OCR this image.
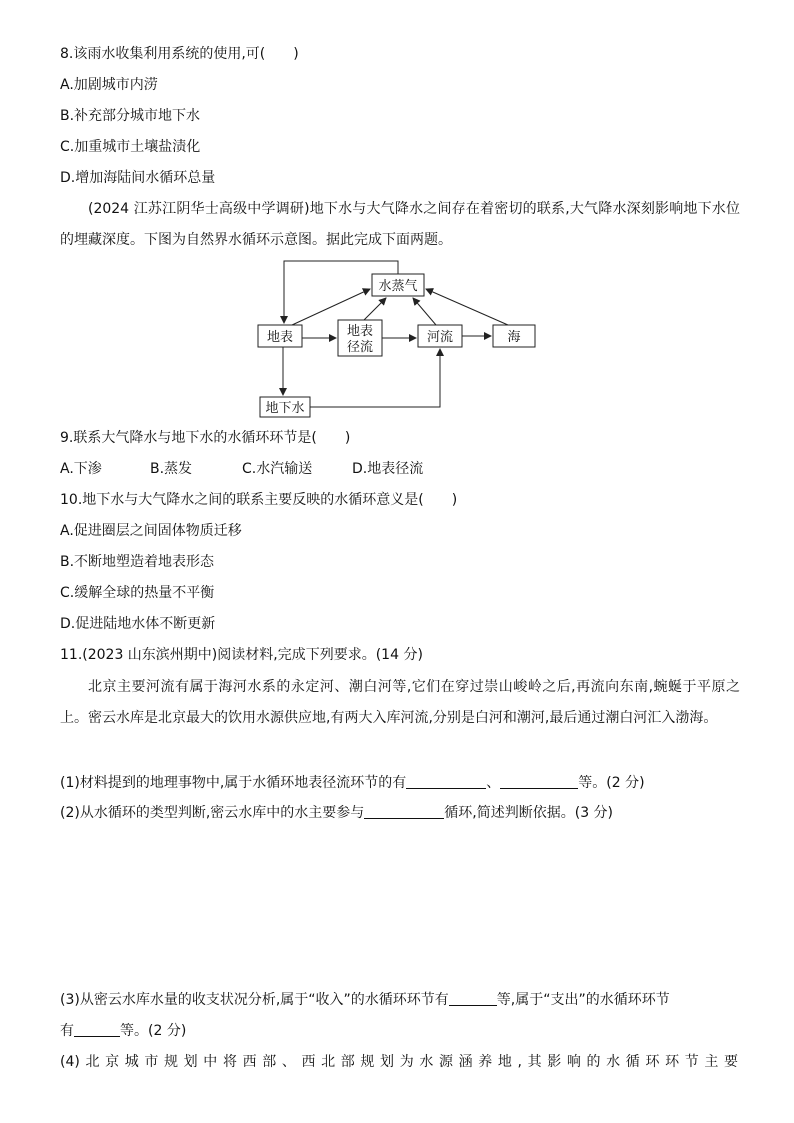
8.该雨水收集利用系统的使用,可(　　)
A.加剧城市内涝
B.补充部分城市地下水
C.加重城市土壤盐渍化
D.增加海陆间水循环总量
(2024 江苏江阴华士高级中学调研)地下水与大气降水之间存在着密切的联系,大气降水深刻影响地下水位的埋藏深度。下图为自然界水循环示意图。据此完成下面两题。
水蒸气
地表	地表
径流
河流	海
地下水
9.联系大气降水与地下水的水循环环节是(　　)
A.下渗	B.蒸发	C.水汽输送	D.地表径流
10.地下水与大气降水之间的联系主要反映的水循环意义是(　　)
A.促进圈层之间固体物质迁移
B.不断地塑造着地表形态
C.缓解全球的热量不平衡
D.促进陆地水体不断更新
11.(2023 山东滨州期中)阅读材料,完成下列要求。(14 分)
北京主要河流有属于海河水系的永定河、潮白河等,它们在穿过崇山峻岭之后,再流向东南,蜿蜒于平原之上。密云水库是北京最大的饮用水源供应地,有两大入库河流,分别是白河和潮河,最后通过潮白河汇入渤海。
(1)材料提到的地理事物中,属于水循环地表径流环节的有	、	等。(2 分)
(2)从水循环的类型判断,密云水库中的水主要参与	循环,简述判断依据。(3 分)
(3)从密云水库水量的收支状况分析,属于“收入”的水循环环节有	等,属于“支出”的水循环环节
有	等。(2 分)
(4)北京城市规划中将西部、西北部规划为水源涵养地,其影响的水循环环节主要
